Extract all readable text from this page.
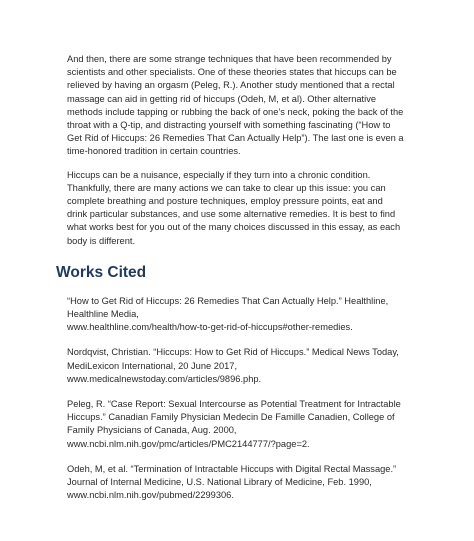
And then, there are some strange techniques that have been recommended by
scientists and other specialists. One of these theories states that hiccups can be
relieved by having an orgasm (Peleg, R.). Another study mentioned that a rectal
massage can aid in getting rid of hiccups (Odeh, M, et al). Other alternative
methods include tapping or rubbing the back of one’s neck, poking the back of the
throat with a Q-tip, and distracting yourself with something fascinating (“How to
Get Rid of Hiccups: 26 Remedies That Can Actually Help”). The last one is even a
time-honored tradition in certain countries.

Hiccups can be a nuisance, especially if they turn into a chronic condition.
Thankfully, there are many actions we can take to clear up this issue: you can
complete breathing and posture techniques, employ pressure points, eat and
drink particular substances, and use some alternative remedies. It is best to find
what works best for you out of the many choices discussed in this essay, as each
body is different.

Works Cited
“How to Get Rid of Hiccups: 26 Remedies That Can Actually Help.” Healthline,
Healthline Media,
www.healthline.com/health/how-to-get-rid-of-hiccups#other-remedies.
Nordqvist, Christian. “Hiccups: How to Get Rid of Hiccups.” Medical News Today,
MediLexicon International, 20 June 2017,
www.medicalnewstoday.com/articles/9896.php.
Peleg, R. “Case Report: Sexual Intercourse as Potential Treatment for Intractable
Hiccups.” Canadian Family Physician Medecin De Famille Canadien, College of
Family Physicians of Canada, Aug. 2000,
www.ncbi.nlm.nih.gov/pmc/articles/PMC2144777/?page=2.
Odeh, M, et al. “Termination of Intractable Hiccups with Digital Rectal Massage.”
Journal of Internal Medicine, U.S. National Library of Medicine, Feb. 1990,
www.ncbi.nlm.nih.gov/pubmed/2299306.
